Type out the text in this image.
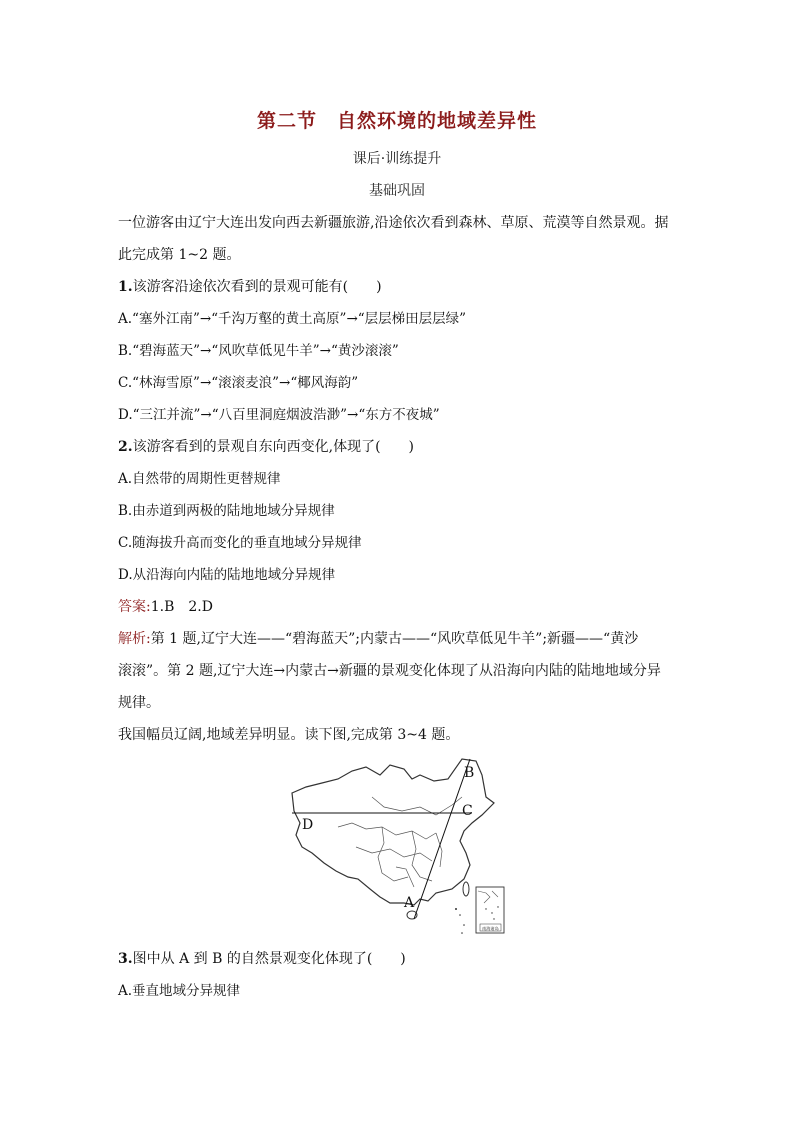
第二节　自然环境的地域差异性
课后·训练提升
基础巩固
一位游客由辽宁大连出发向西去新疆旅游,沿途依次看到森林、草原、荒漠等自然景观。据
此完成第 1~2 题。
1.该游客沿途依次看到的景观可能有(　　)
A.“塞外江南”→“千沟万壑的黄土高原”→“层层梯田层层绿”
B.“碧海蓝天”→“风吹草低见牛羊”→“黄沙滚滚”
C.“林海雪原”→“滚滚麦浪”→“椰风海韵”
D.“三江并流”→“八百里洞庭烟波浩渺”→“东方不夜城”
2.该游客看到的景观自东向西变化,体现了(　　)
A.自然带的周期性更替规律
B.由赤道到两极的陆地地域分异规律
C.随海拔升高而变化的垂直地域分异规律
D.从沿海向内陆的陆地地域分异规律
答案:1.B　2.D
解析:第 1 题,辽宁大连——“碧海蓝天”;内蒙古——“风吹草低见牛羊”;新疆——“黄沙
滚滚”。第 2 题,辽宁大连→内蒙古→新疆的景观变化体现了从沿海向内陆的陆地地域分异
规律。
我国幅员辽阔,地域差异明显。读下图,完成第 3~4 题。
B
C
D
A
南海诸岛
3.图中从 A 到 B 的自然景观变化体现了(　　)
A.垂直地域分异规律
